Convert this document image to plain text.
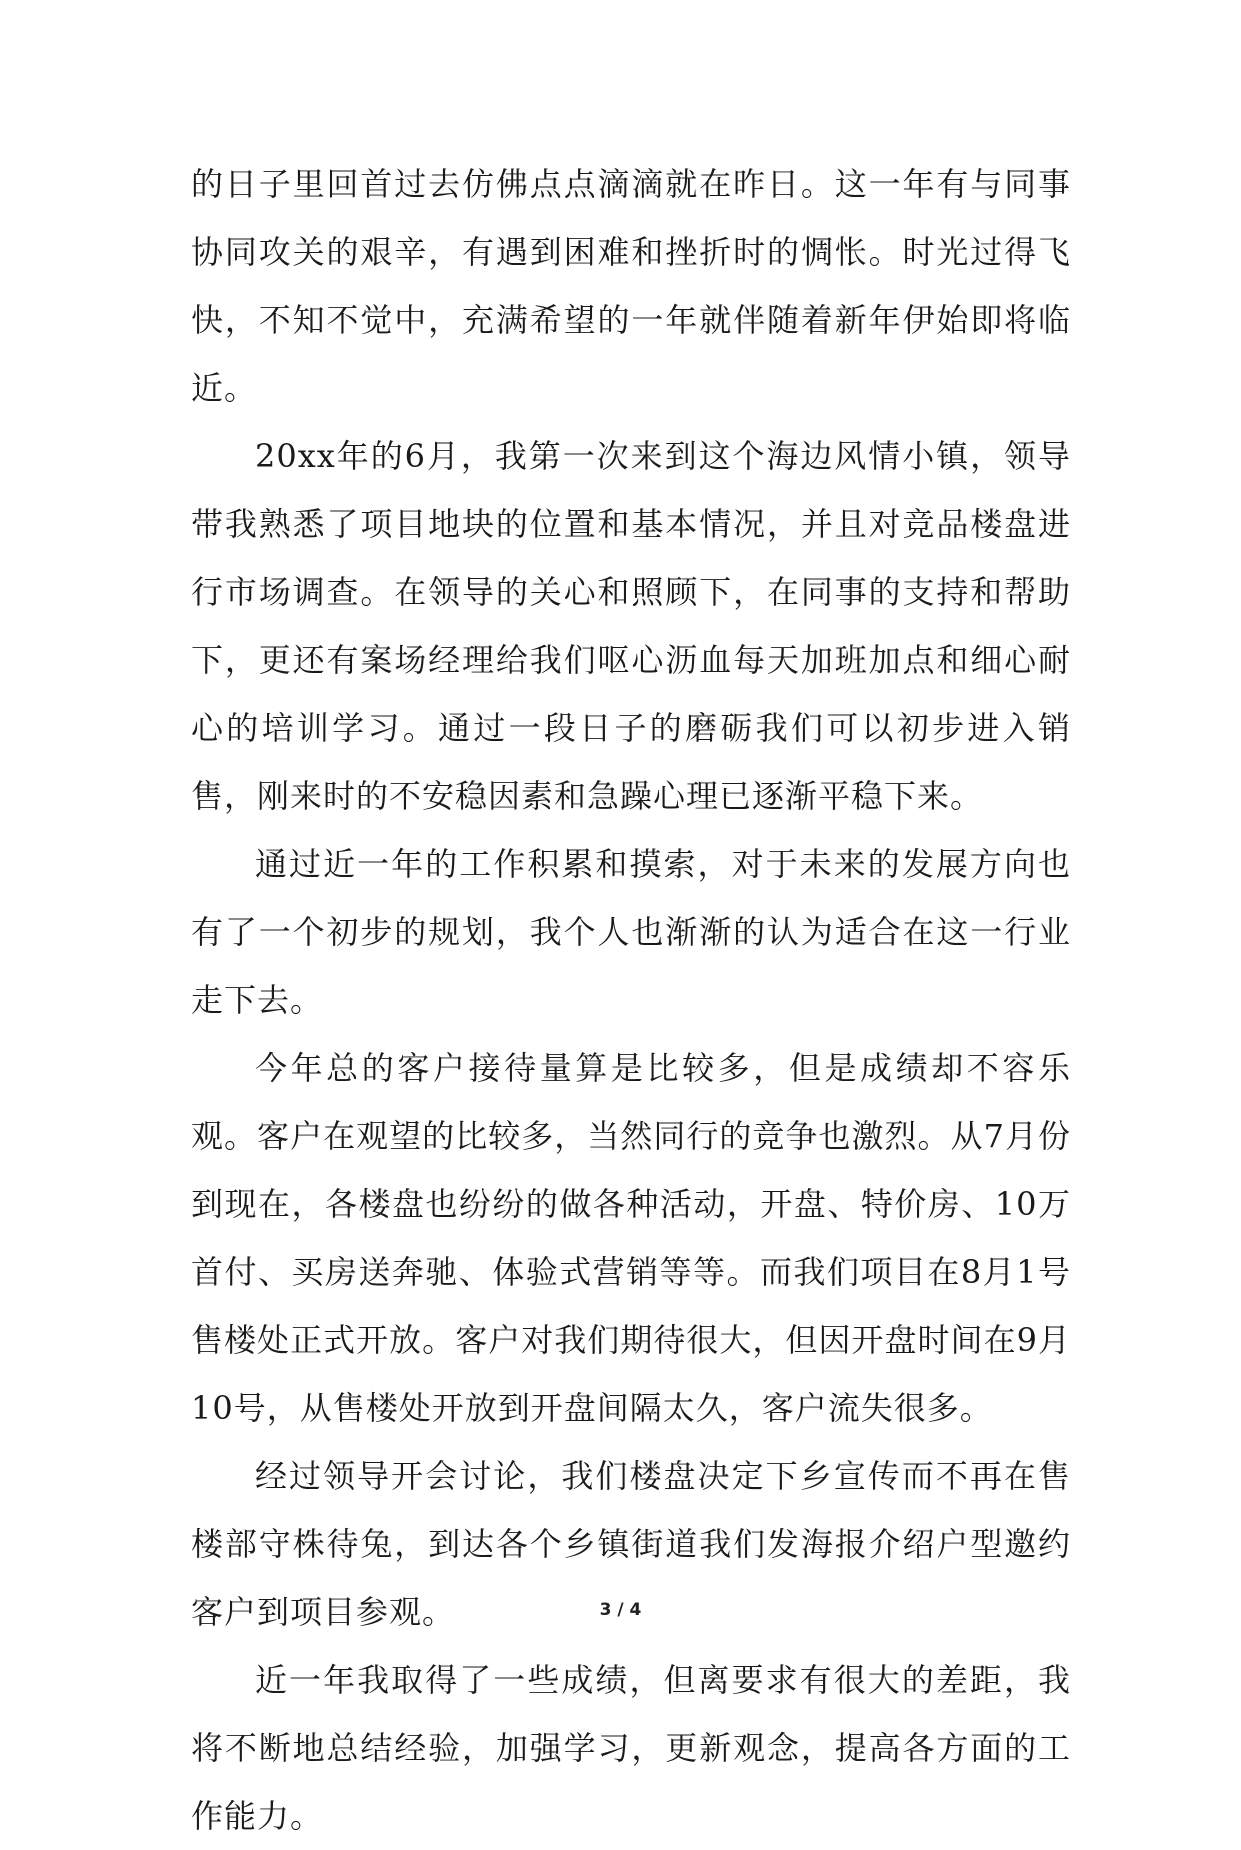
的日子里回首过去仿佛点点滴滴就在昨日。这一年有与同事协同攻关的艰辛，有遇到困难和挫折时的惆怅。时光过得飞快，不知不觉中，充满希望的一年就伴随着新年伊始即将临近。

20xx年的6月，我第一次来到这个海边风情小镇，领导带我熟悉了项目地块的位置和基本情况，并且对竞品楼盘进行市场调查。在领导的关心和照顾下，在同事的支持和帮助下，更还有案场经理给我们呕心沥血每天加班加点和细心耐心的培训学习。通过一段日子的磨砺我们可以初步进入销售，刚来时的不安稳因素和急躁心理已逐渐平稳下来。

通过近一年的工作积累和摸索，对于未来的发展方向也有了一个初步的规划，我个人也渐渐的认为适合在这一行业走下去。

今年总的客户接待量算是比较多，但是成绩却不容乐观。客户在观望的比较多，当然同行的竞争也激烈。从7月份到现在，各楼盘也纷纷的做各种活动，开盘、特价房、10万首付、买房送奔驰、体验式营销等等。而我们项目在8月1号售楼处正式开放。客户对我们期待很大，但因开盘时间在9月10号，从售楼处开放到开盘间隔太久，客户流失很多。

经过领导开会讨论，我们楼盘决定下乡宣传而不再在售楼部守株待兔，到达各个乡镇街道我们发海报介绍户型邀约客户到项目参观。

近一年我取得了一些成绩，但离要求有很大的差距，我将不断地总结经验，加强学习，更新观念，提高各方面的工作能力。

3 / 4
